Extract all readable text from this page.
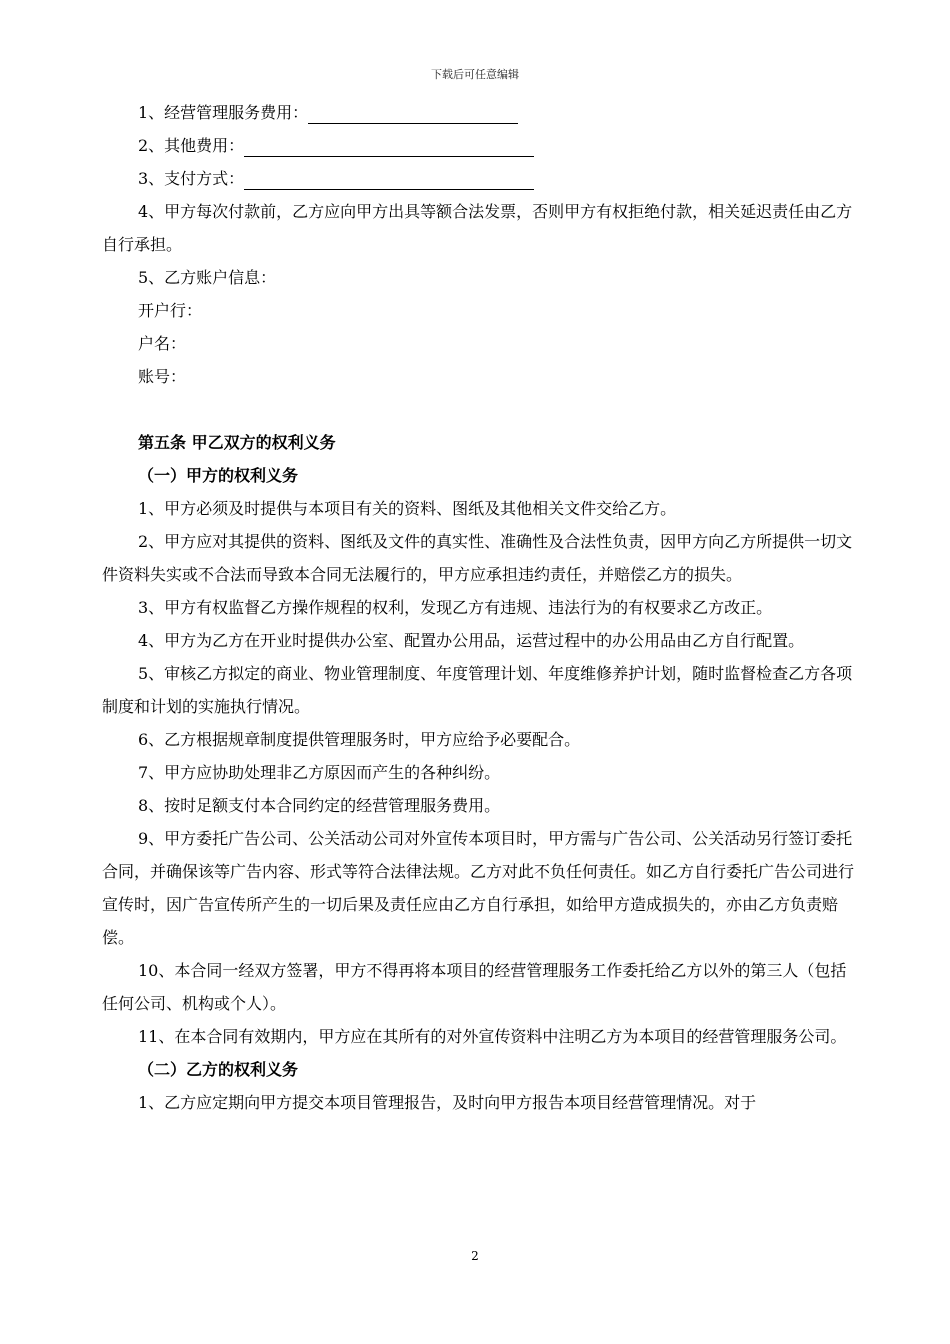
下载后可任意编辑

1、经营管理服务费用：

2、其他费用：

3、支付方式：

4、甲方每次付款前，乙方应向甲方出具等额合法发票，否则甲方有权拒绝付款，相关延迟责任由乙方自行承担。

5、乙方账户信息：

开户行：

户名：

账号：

第五条 甲乙双方的权利义务

（一）甲方的权利义务

1、甲方必须及时提供与本项目有关的资料、图纸及其他相关文件交给乙方。

2、甲方应对其提供的资料、图纸及文件的真实性、准确性及合法性负责，因甲方向乙方所提供一切文件资料失实或不合法而导致本合同无法履行的，甲方应承担违约责任，并赔偿乙方的损失。

3、甲方有权监督乙方操作规程的权利，发现乙方有违规、违法行为的有权要求乙方改正。

4、甲方为乙方在开业时提供办公室、配置办公用品，运营过程中的办公用品由乙方自行配置。

5、审核乙方拟定的商业、物业管理制度、年度管理计划、年度维修养护计划，随时监督检查乙方各项制度和计划的实施执行情况。

6、乙方根据规章制度提供管理服务时，甲方应给予必要配合。

7、甲方应协助处理非乙方原因而产生的各种纠纷。

8、按时足额支付本合同约定的经营管理服务费用。

9、甲方委托广告公司、公关活动公司对外宣传本项目时，甲方需与广告公司、公关活动另行签订委托合同，并确保该等广告内容、形式等符合法律法规。乙方对此不负任何责任。如乙方自行委托广告公司进行宣传时，因广告宣传所产生的一切后果及责任应由乙方自行承担，如给甲方造成损失的，亦由乙方负责赔偿。

10、本合同一经双方签署，甲方不得再将本项目的经营管理服务工作委托给乙方以外的第三人（包括任何公司、机构或个人）。

11、在本合同有效期内，甲方应在其所有的对外宣传资料中注明乙方为本项目的经营管理服务公司。

（二）乙方的权利义务

1、乙方应定期向甲方提交本项目管理报告，及时向甲方报告本项目经营管理情况。对于

2
